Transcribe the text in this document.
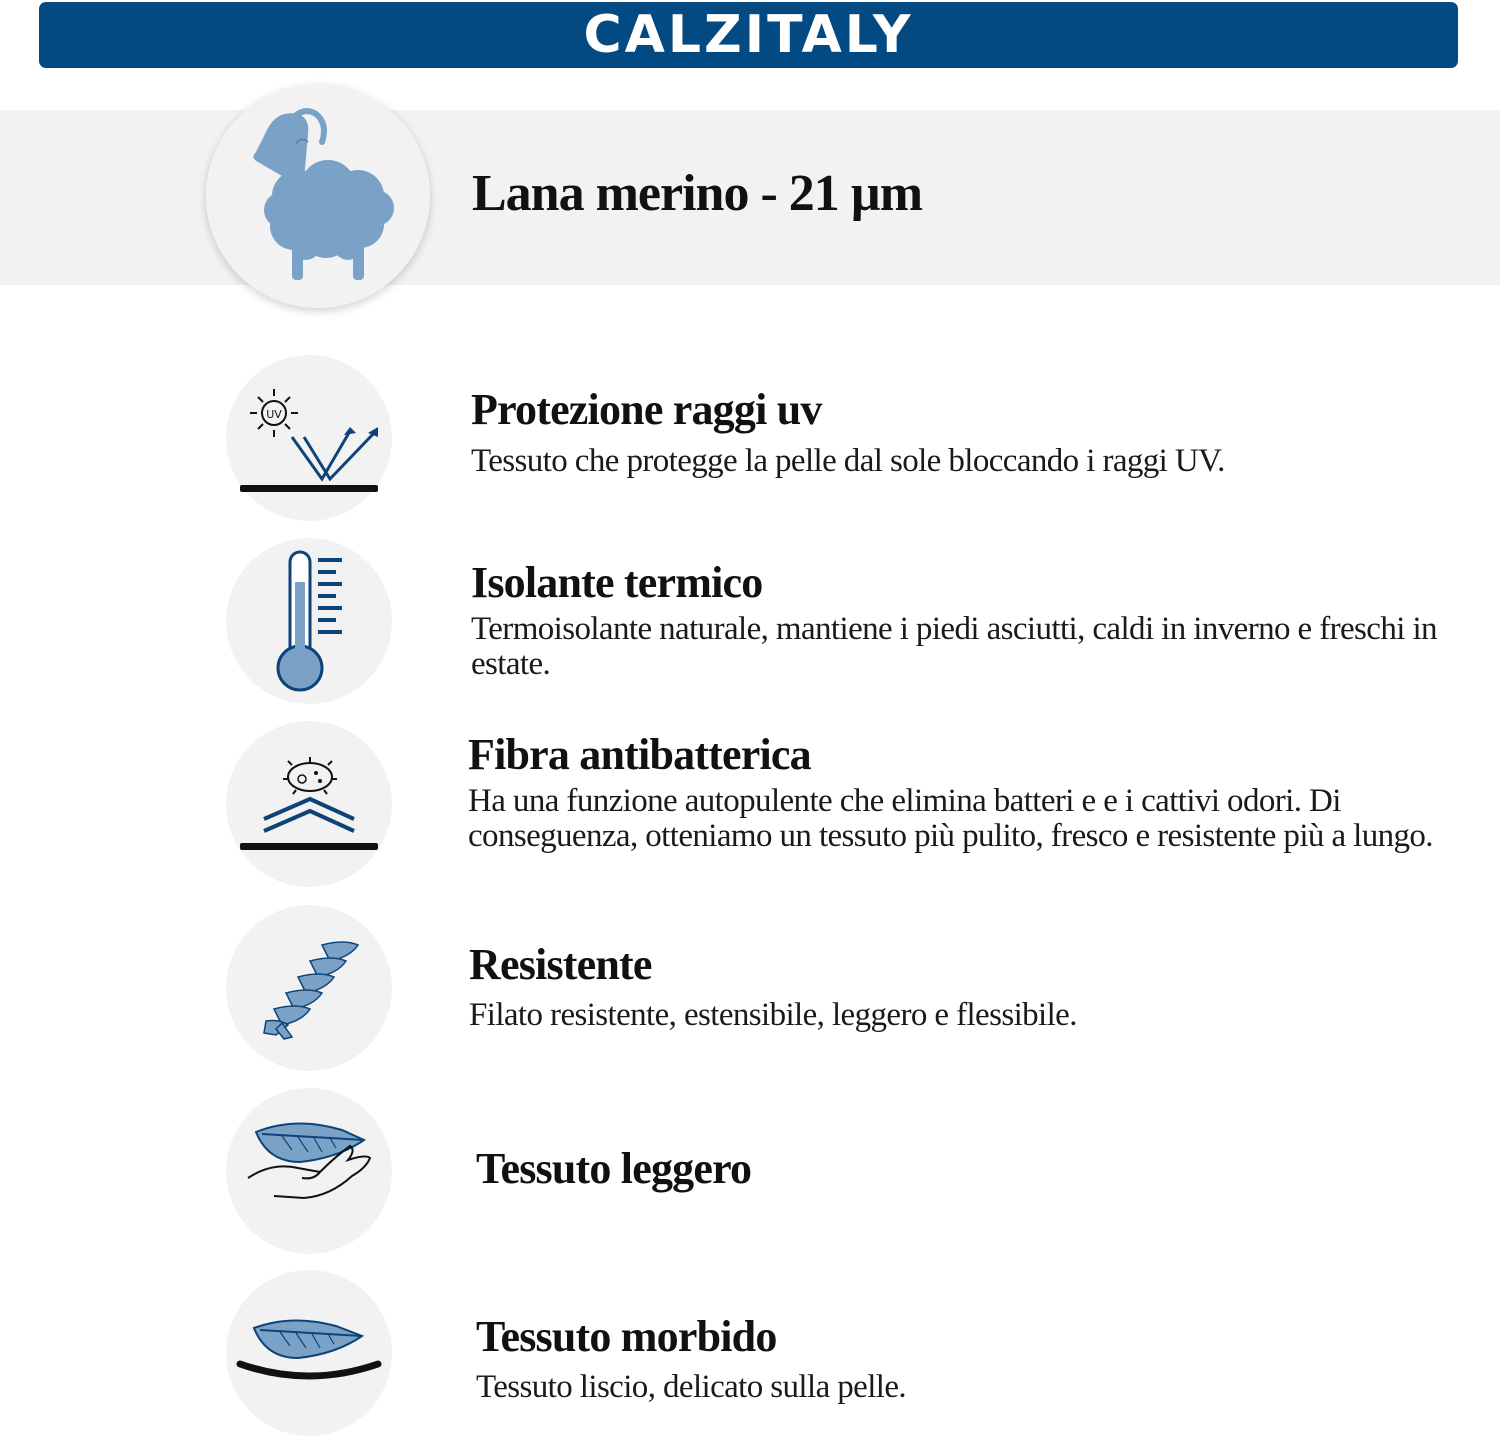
CALZITALY
Lana merino - 21 µm
UV	Protezione raggi uv

Tessuto che protegge la pelle dal sole bloccando i raggi UV.

Isolante termico

Termoisolante naturale, mantiene i piedi asciutti, caldi in inverno e freschi in estate.

Fibra antibatterica

Ha una funzione autopulente che elimina batteri e e i cattivi odori. Di conseguenza, otteniamo un tessuto più pulito, fresco e resistente più a lungo.

Resistente

Filato resistente, estensibile, leggero e flessibile.

Tessuto leggero
Tessuto morbido

Tessuto liscio, delicato sulla pelle.
